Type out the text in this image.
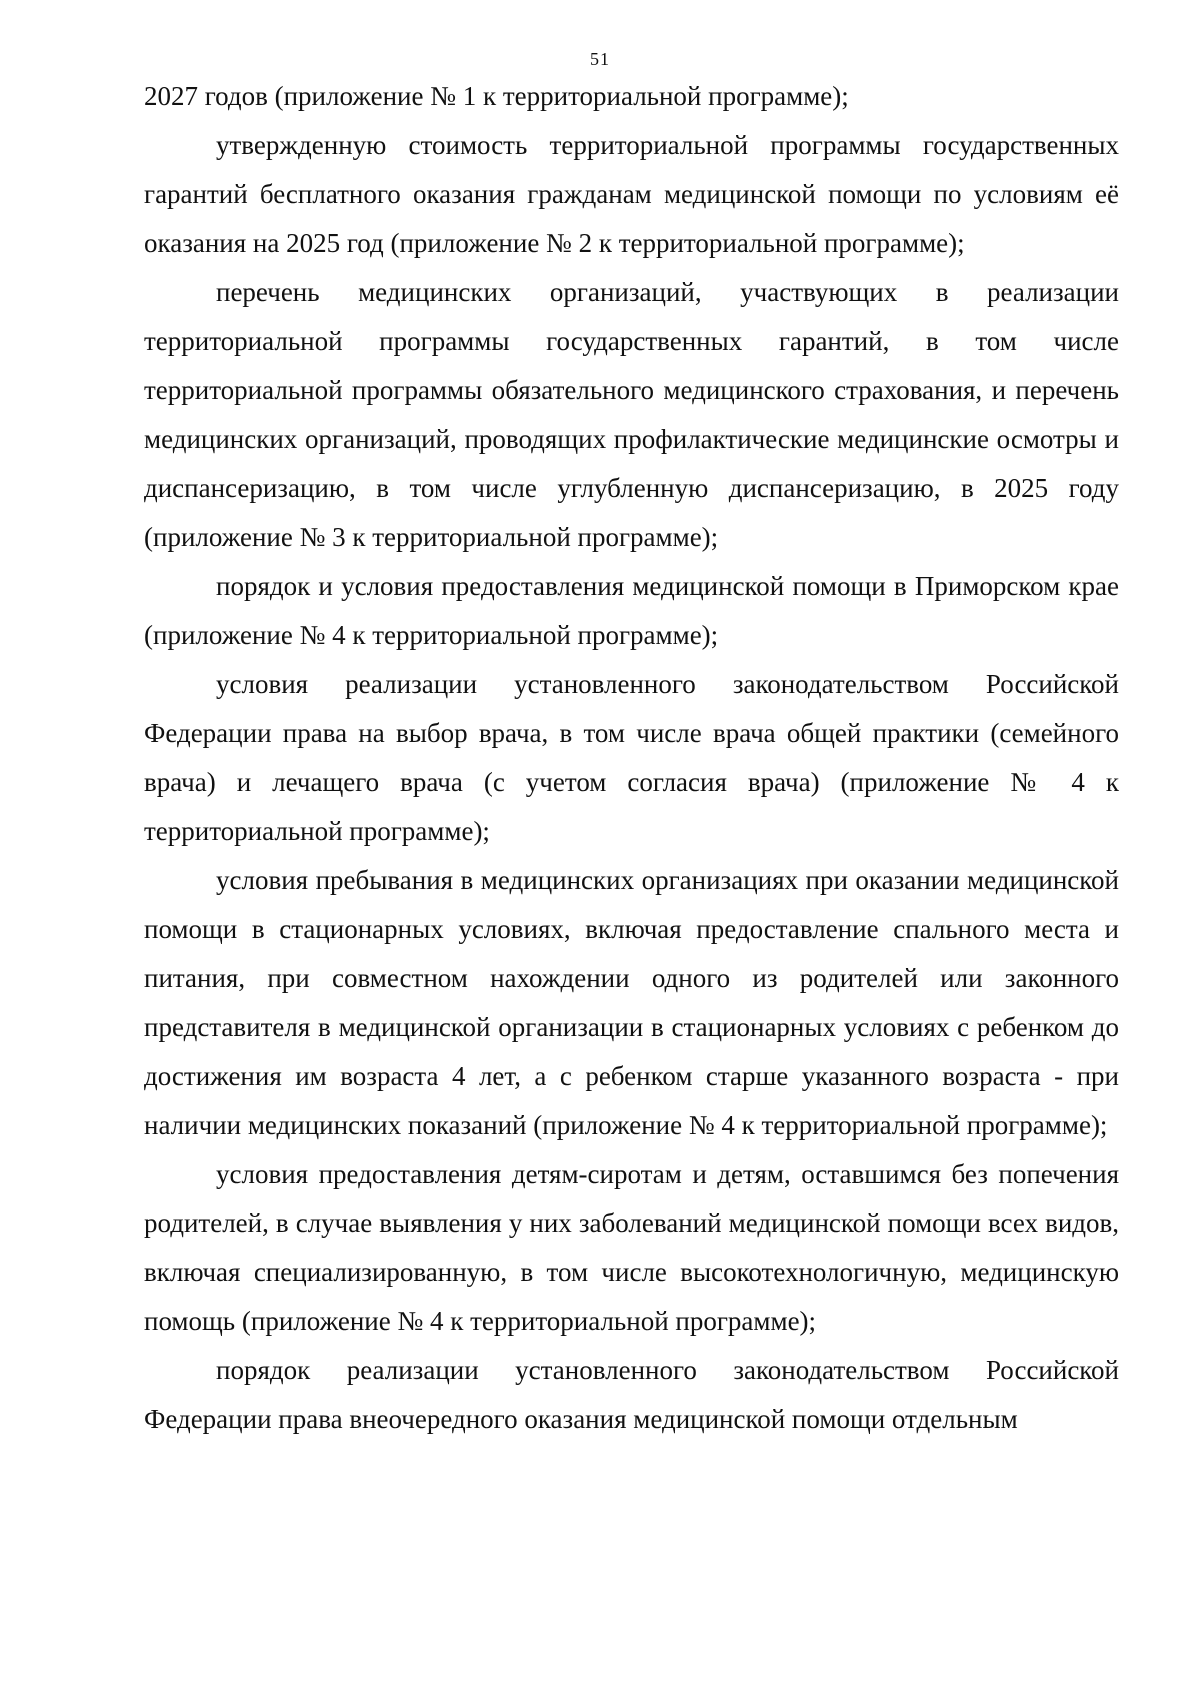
51

2027 годов (приложение № 1 к территориальной программе);

утвержденную стоимость территориальной программы государственных гарантий бесплатного оказания гражданам медицинской помощи по условиям её оказания на 2025 год (приложение № 2 к территориальной программе);

перечень медицинских организаций, участвующих в реализации территориальной программы государственных гарантий, в том числе территориальной программы обязательного медицинского страхования, и перечень медицинских организаций, проводящих профилактические медицинские осмотры и диспансеризацию, в том числе углубленную диспансеризацию, в 2025 году (приложение № 3 к территориальной программе);

порядок и условия предоставления медицинской помощи в Приморском крае (приложение № 4 к территориальной программе);

условия реализации установленного законодательством Российской Федерации права на выбор врача, в том числе врача общей практики (семейного врача) и лечащего врача (с учетом согласия врача) (приложение № 4 к территориальной программе);

условия пребывания в медицинских организациях при оказании медицинской помощи в стационарных условиях, включая предоставление спального места и питания, при совместном нахождении одного из родителей или законного представителя в медицинской организации в стационарных условиях с ребенком до достижения им возраста 4 лет, а с ребенком старше указанного возраста - при наличии медицинских показаний (приложение № 4 к территориальной программе);

условия предоставления детям-сиротам и детям, оставшимся без попечения родителей, в случае выявления у них заболеваний медицинской помощи всех видов, включая специализированную, в том числе высокотехнологичную, медицинскую помощь (приложение № 4 к территориальной программе);

порядок реализации установленного законодательством Российской Федерации права внеочередного оказания медицинской помощи отдельным
